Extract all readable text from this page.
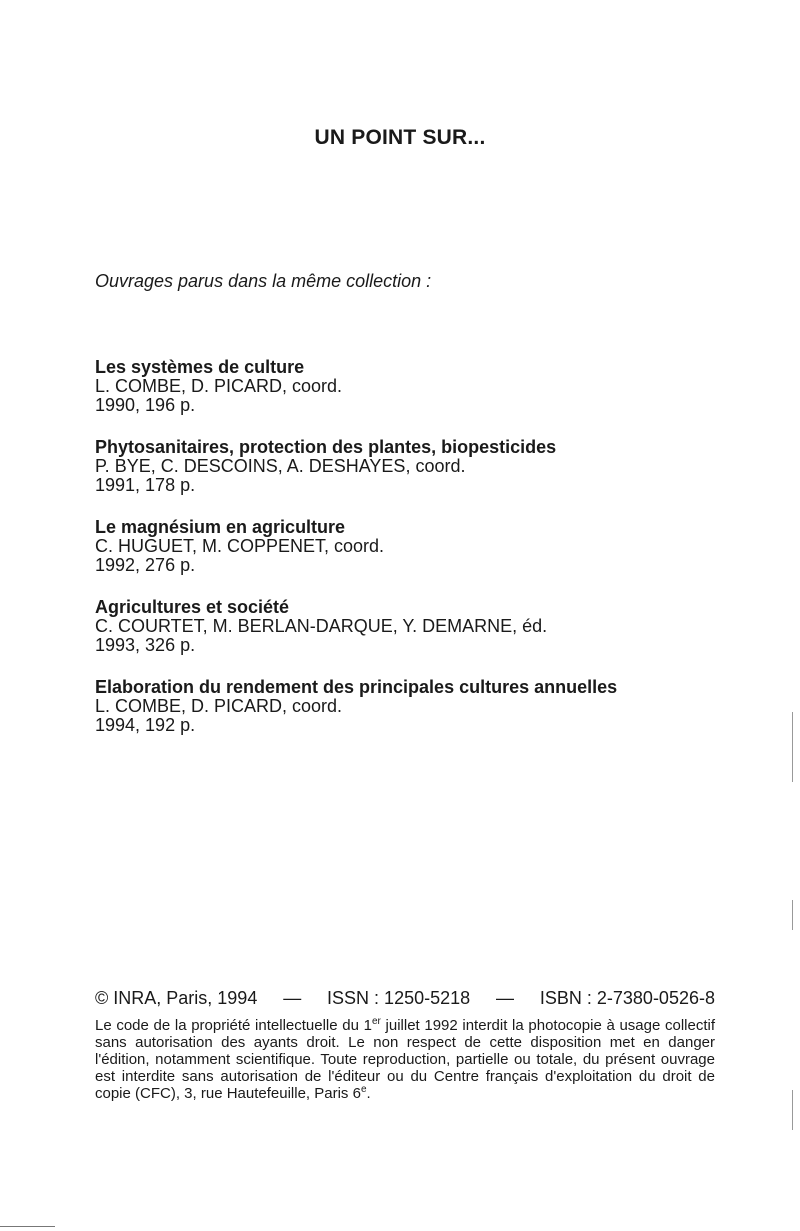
UN POINT SUR...
Ouvrages parus dans la même collection :
Les systèmes de culture
L. COMBE, D. PICARD, coord.
1990, 196 p.
Phytosanitaires, protection des plantes, biopesticides
P. BYE, C. DESCOINS, A. DESHAYES, coord.
1991, 178 p.
Le magnésium en agriculture
C. HUGUET, M. COPPENET, coord.
1992, 276 p.
Agricultures et société
C. COURTET, M. BERLAN-DARQUE, Y. DEMARNE, éd.
1993, 326 p.
Elaboration du rendement des principales cultures annuelles
L. COMBE, D. PICARD, coord.
1994, 192 p.
© INRA, Paris, 1994 — ISSN : 1250-5218 — ISBN : 2-7380-0526-8
Le code de la propriété intellectuelle du 1er juillet 1992 interdit la photocopie à usage collectif sans autorisation des ayants droit. Le non respect de cette disposition met en danger l'édition, notamment scientifique. Toute reproduction, partielle ou totale, du présent ouvrage est interdite sans autorisation de l'éditeur ou du Centre français d'exploitation du droit de copie (CFC), 3, rue Hautefeuille, Paris 6e.
